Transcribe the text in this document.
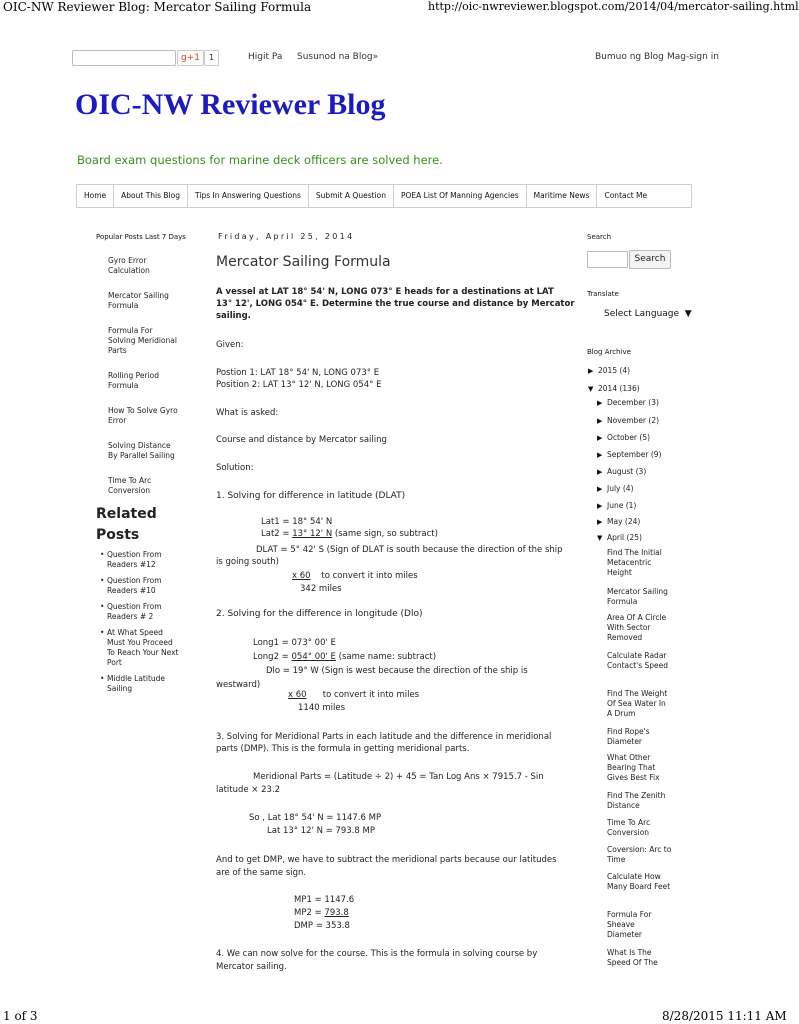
OIC-NW Reviewer Blog: Mercator Sailing Formula	http://oic-nwreviewer.blogspot.com/2014/04/mercator-sailing.html
g+1	1	Higit Pa Susunod na Blog»	Bumuo ng Blog Mag-sign in
OIC-NW Reviewer Blog
Board exam questions for marine deck officers are solved here.
Home	About This Blog	Tips In Answering Questions	Submit A Question	POEA List Of Manning Agencies	Maritime News	Contact Me
Popular Posts Last 7 Days
Gyro Error Calculation
Mercator Sailing Formula
Formula For Solving Meridional Parts
Rolling Period Formula
How To Solve Gyro Error
Solving Distance By Parallel Sailing
Time To Arc Conversion
Related Posts
• Question From Readers #12
• Question From Readers #10
• Question From Readers # 2
• At What Speed Must You Proceed To Reach Your Next Port
• Middle Latitude Sailing
Friday, April 25, 2014
Mercator Sailing Formula
A vessel at LAT 18° 54' N, LONG 073° E heads for a destinations at LAT
13° 12', LONG 054° E. Determine the true course and distance by Mercator
sailing.
Given:
Postion 1: LAT 18° 54' N, LONG 073° E
Position 2: LAT 13° 12' N, LONG 054° E
What is asked:
Course and distance by Mercator sailing
Solution:
1. Solving for difference in latitude (DLAT)
Lat1 = 18° 54' N
Lat2 = 13° 12' N (same sign, so subtract)
DLAT = 5° 42' S (Sign of DLAT is south because the direction of the ship
is going south)
x 60 to convert it into miles
342 miles
2. Solving for the difference in longitude (Dlo)
Long1 = 073° 00' E
Long2 = 054° 00' E (same name: subtract)
Dlo = 19° W (Sign is west because the direction of the ship is
westward)
x 60 to convert it into miles
1140 miles
3. Solving for Meridional Parts in each latitude and the difference in meridional
parts (DMP). This is the formula in getting meridional parts.
Meridional Parts = (Latitude ÷ 2) + 45 = Tan Log Ans × 7915.7 - Sin
latitude × 23.2
So , Lat 18° 54' N = 1147.6 MP
Lat 13° 12' N = 793.8 MP
And to get DMP, we have to subtract the meridional parts because our latitudes
are of the same sign.
MP1 = 1147.6
MP2 = 793.8
DMP = 353.8
4. We can now solve for the course. This is the formula in solving course by
Mercator sailing.
Search
Search
Translate
Select Language ▼
Blog Archive
▶ 2015 (4)
▼ 2014 (136)
▶ December (3)
▶ November (2)
▶ October (5)
▶ September (9)
▶ August (3)
▶ July (4)
▶ June (1)
▶ May (24)
▼ April (25)
Find The Initial Metacentric Height
Mercator Sailing Formula
Area Of A Circle With Sector Removed
Calculate Radar Contact's Speed
Find The Weight Of Sea Water In A Drum
Find Rope's Diameter
What Other Bearing That Gives Best Fix
Find The Zenith Distance
Time To Arc Conversion
Coversion: Arc to Time
Calculate How Many Board Feet
Formula For Sheave Diameter
What Is The Speed Of The
1 of 3	8/28/2015 11:11 AM
